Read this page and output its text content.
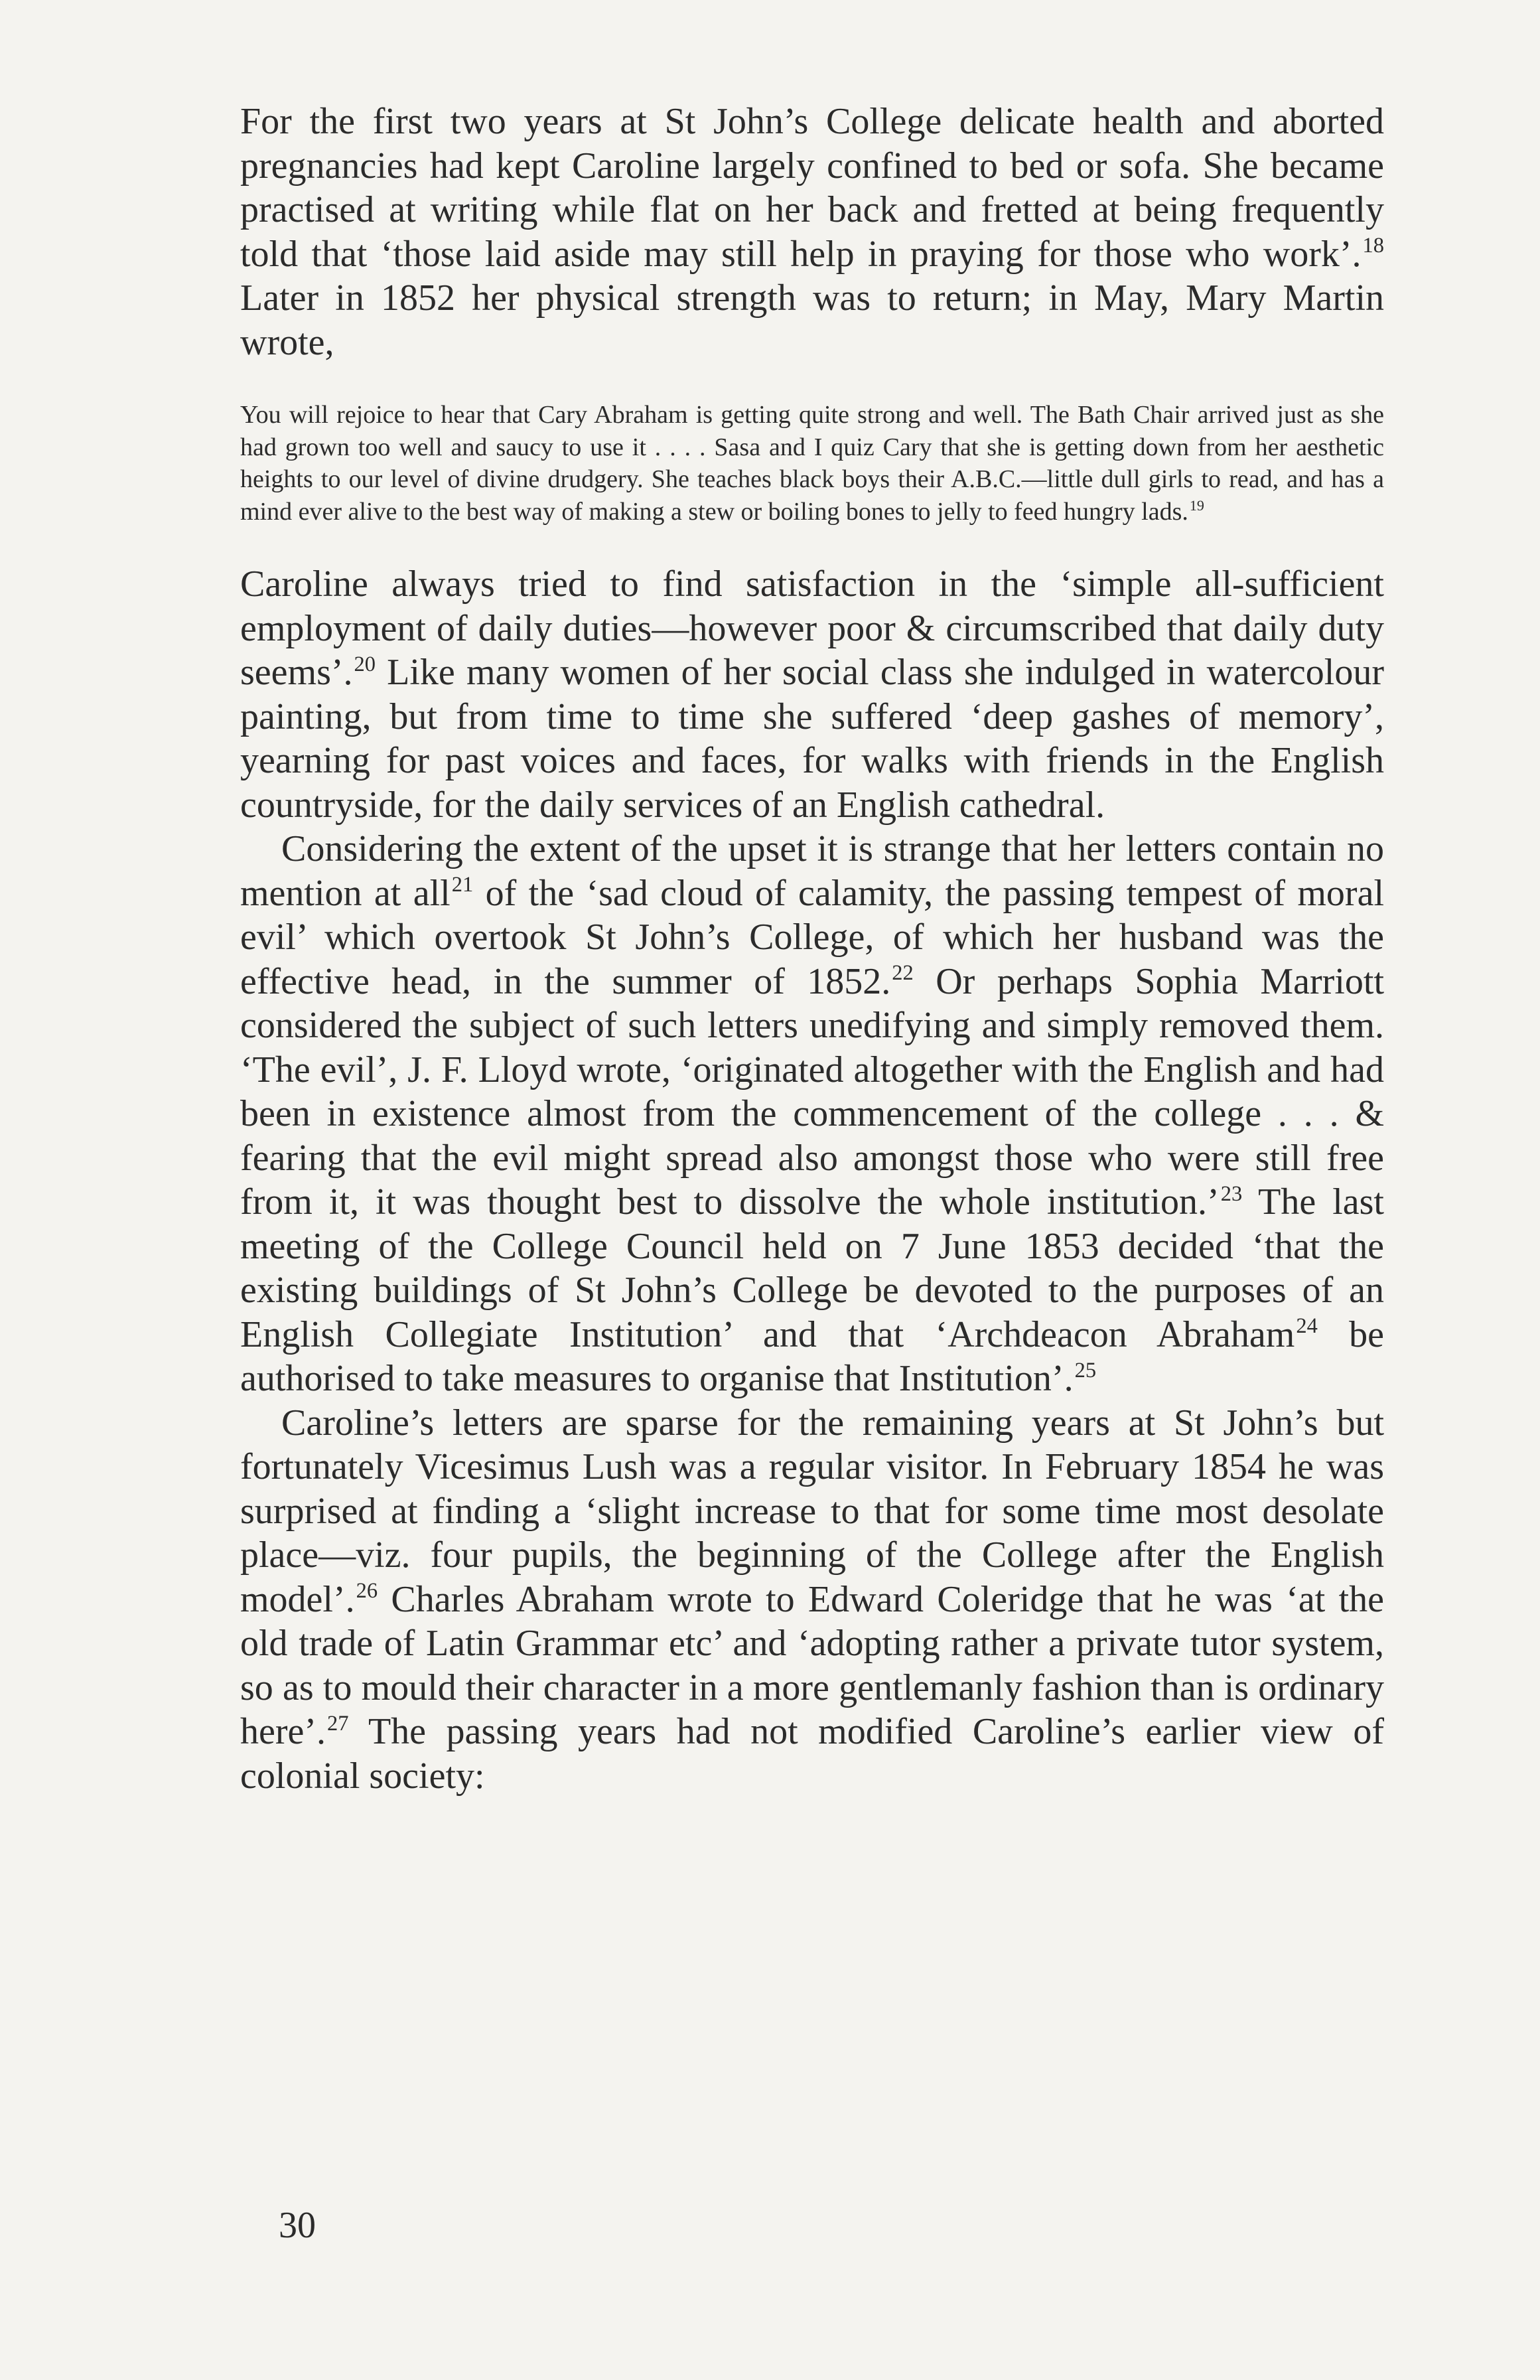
For the first two years at St John’s College delicate health and aborted pregnancies had kept Caroline largely confined to bed or sofa. She became practised at writing while flat on her back and fretted at being frequently told that ‘those laid aside may still help in praying for those who work’.$^{18}$ Later in 1852 her physical strength was to return; in May, Mary Martin wrote,

You will rejoice to hear that Cary Abraham is getting quite strong and well. The Bath Chair arrived just as she had grown too well and saucy to use it . . . . Sasa and I quiz Cary that she is getting down from her aesthetic heights to our level of divine drudgery. She teaches black boys their A.B.C.—little dull girls to read, and has a mind ever alive to the best way of making a stew or boiling bones to jelly to feed hungry lads.$^{19}$

Caroline always tried to find satisfaction in the ‘simple all-sufficient employment of daily duties—however poor & circumscribed that daily duty seems’.$^{20}$ Like many women of her social class she indulged in watercolour painting, but from time to time she suffered ‘deep gashes of memory’, yearning for past voices and faces, for walks with friends in the English countryside, for the daily services of an English cathedral.

Considering the extent of the upset it is strange that her letters contain no mention at all$^{21}$ of the ‘sad cloud of calamity, the passing tempest of moral evil’ which overtook St John’s College, of which her husband was the effective head, in the summer of 1852.22 Or perhaps Sophia Marriott considered the subject of such letters unedifying and simply removed them. ‘The evil’, J. F. Lloyd wrote, ‘originated altogether with the English and had been in existence almost from the commencement of the college . . . & fearing that the evil might spread also amongst those who were still free from it, it was thought best to dissolve the whole institution.’$^{23}$ The last meeting of the College Council held on 7 June 1853 decided ‘that the existing buildings of St John’s College be devoted to the purposes of an English Collegiate Institution’ and that ‘Archdeacon Abraham$^{24}$ be authorised to take measures to organise that Institution’.$^{25}$

Caroline’s letters are sparse for the remaining years at St John’s but fortunately Vicesimus Lush was a regular visitor. In February 1854 he was surprised at finding a ‘slight increase to that for some time most desolate place—viz. four pupils, the beginning of the College after the English model’.$^{26}$ Charles Abraham wrote to Edward Coleridge that he was ‘at the old trade of Latin Grammar etc’ and ‘adopting rather a private tutor system, so as to mould their character in a more gentlemanly fashion than is ordinary here’.$^{27}$ The passing years had not modified Caroline’s earlier view of colonial society:

30
